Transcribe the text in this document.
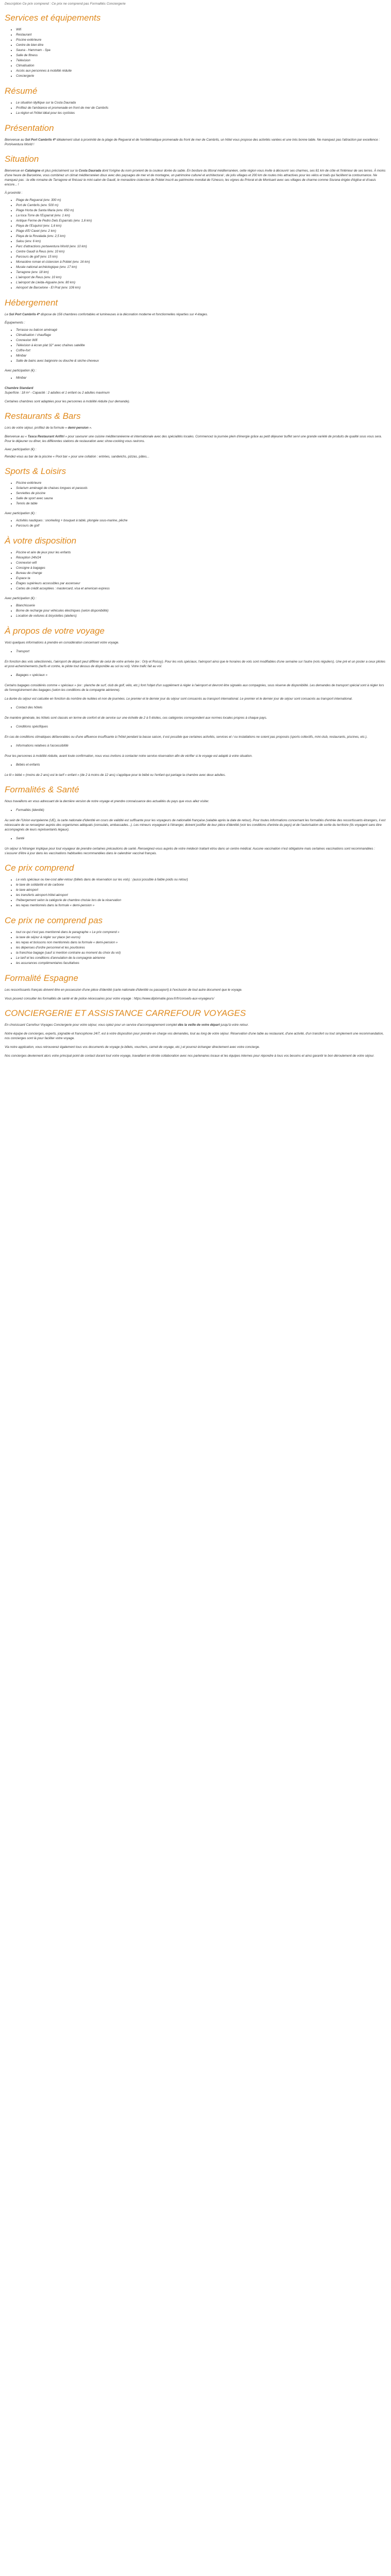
Description Ce prix comprend : Ce prix ne comprend pas Formalités Conciergerie

Services et équipements
• Wifi
• Restaurant
• Piscine extérieure
• Centre de bien-être
• Sauna - Hammam - Spa
• Salle de fitness
• Télévision
• Climatisation
• Accès aux personnes à mobilité réduite
• Conciergerie
Résumé
• Le situation idyllique sur la Costa Daurada
• Profitez de l'ambiance et promenade en front de mer de Cambrils
• La région et l'hôtel idéal pour les cyclistes
Présentation

Bienvenue au Sol Port Cambrils 4* idéalement situé à proximité de la plage de Regueral et de l'emblématique promenade du front de mer de Cambrils, un hôtel vous propose des activités variées et une trés bonne table. Ne manquez pas l'attraction par excellence : PortAventura World !

Situation

Bienvenue en Catalogne et plus précisément sur la Costa Daurada dont l'origine du nom provient de la couleur dorée du sable. En bordure du littoral méditerranéen, cette région vous invite à découvrir ses charmes, ses 81 km de côte et l'intérieur de ses terres. À moins d'une heure de Barcelone, vous combinez un climat méditerranéen doux avec des paysages de mer et de montagne, un patrimoine culturel et architectural ; de jolis villages et 200 km de routes très attractives pour les vélos et trails qui facilitent la contournance. Ne manquez pas : la ville romaine de Tarragone et finissez le mini-salon de Gaudí, le monastère cistercien de Poblet inscrit au patrimoine mondial de l'Unesco, les vignes du Priorat et de Montsant avec ses villages de charme comme Siurana érigée d'église et d'oasis encore... !

À proximité :

• Plage de Regueral (env. 300 m)
• Port de Cambrils (env. 500 m)
• Plage Horta de Santa Maria (env. 650 m)
• La Ioca Torre de l'Esparrat (env. 1 km)
• Antique Ferme de Pedro Dels Esparrats (env. 1,6 km)
• Playa de l'Esquirol (env. 1,6 km)
• Plage d'El Cavet (env. 2 km)
• Playa de la Rovalada (env. 2,5 km)
• Salou (env. 6 km)
• Parc d'attractions portaventura World (env. 10 km)
• Centre Gaudí à Reus (env. 10 km)
• Parcours de golf (env. 15 km)
• Monastère roman et cistercien à Poblet (env. 16 km)
• Musée national archéologique (env. 17 km)
• Tarragone (env. 18 km)
• L'aéroport de Reus (env. 10 km)
• L'aéroport de Lleida-Alguaire (env. 80 km)
• Aéroport de Barcelone - El Prat (env. 106 km)
Hébergement

Le Sol Port Cambrils 4* dispose de 156 chambres confortables et lumineuses à la décoration moderne et fonctionnelles réparties sur 4 étages.

Équipements :

• Terrasse ou balcon aménagé
• Climatisation / chauffage
• Connexion Wifi
• Télévision à écran plat 32" avec chaînes satellite
• Coffre-fort
• Minibar
• Salle de bains avec baignoire ou douche & sèche-cheveux

Avec participation (€) :

• Minibar

Chambre Standard
Superficie : 18 m² - Capacité : 2 adultes et 1 enfant ou 2 adultes maximum

Certaines chambres sont adaptées pour les personnes à mobilité réduite (sur demande).

Restaurants & Bars

Lors de votre séjour, profitez de la formule « demi-pension ».

Bienvenue au « Tasca Restaurant Anfitri » pour savourer une cuisine méditerranéenne et internationale avec des spécialités locales. Commencez la journée plein d'énergie grâce au petit déjeuner buffet servi une grande variété de produits de qualité sous vous sera. Pour le déjeuner ou dîner, les différentes stations de restauration avec show-cooking vous ravirons.

Avec participation (€) :

Rendez-vous au bar de la piscine « Pool bar » pour une collation : entrées, sandwichs, pizzas, pâtes...

Sports & Loisirs
• Piscine extérieure
• Solarium aménagé de chaises longues et parasols
• Serviettes de piscine
• Salle de sport avec sauna
• Tennis de table

Avec participation (€) :

• Activités nautiques : snorkeling + bouquet à tablé, plongée sous-marine, pêche
• Parcours de golf
À votre disposition
• Piscine et aire de jeux pour les enfants
• Réception 24h/24
• Connexion wifi
• Consigne à bagages
• Bureau de change
• Espace ta
• Étages supérieurs accessibles par ascenseur
• Cartes de crédit acceptées : mastercard, visa et american express

Avec participation (€) :

• Blanchisserie
• Borne de recharge pour véhicules électriques (selon disponibilité)
• Location de voitures & bicyclettes (ateliers)
À propos de votre voyage

Voici quelques informations à prendre en considération concernant votre voyage.

• Transport

En fonction des vols sélectionnés, l'aéroport de départ peut différer de celui de votre arrivée (ex : Orly et Roissy). Pour les vols spéciaux, l'aéroport ainsi que le horaires de vols sont modifiables d'une semaine sur l'autre (vols réguliers). Une pré et un poster a ceux pilotes et post-acheminements (tarifs et contre, le pilote tout dessus de disponible au sol ou vol). Votre trafic fait au vol.

• Bagages « spéciaux »

Certains bagages considérés comme « spéciaux » (ex : planche de surf, club de golf, vélo, etc.) font l'objet d'un supplément à régler à l'aéroport et devront être signalés aux compagnies, sous réserve de disponibilité. Les demandes de transport spécial sont à régler lors de l'enregistrement des bagages (selon les conditions de la compagnie aérienne).

La durée du séjour est calculée en fonction du nombre de nuitées et non de journées. Le premier et le dernier jour du séjour sont consacrés au transport international. Le premier et le dernier jour de séjour sont consacrés au transport international.

• Contact des hôtels

De manière générale, les hôtels sont classés en terme de confort et de service sur une échelle de 2 à 5 étoiles, ces catégories correspondent aux normes locales propres à chaque pays.

• Conditions spécifiques

En cas de conditions climatiques défavorables ou d'une affluence insuffisante à l'hôtel pendant la basse saison, il est possible que certaines activités, services et / ou installations ne soient pas proposés (sports collectifs, mini-club, restaurants, piscines, etc.).

• Informations relatives à l'accessibilité

Pour les personnes à mobilité réduite, avant toute confirmation, nous vous invitons à contacter notre service réservation afin de vérifier si le voyage est adapté à votre situation.

• Bébés et enfants

Le lit « bébé » (moins de 2 ans) est le tarif « enfant » (de 2 à moins de 12 ans) s'applique pour le bébé ou l'enfant qui partage la chambre avec deux adultes.

Formalités & Santé

Nous travaillons en vous adressant de la dernière version de notre voyage et prendre connaissance des actualités du pays que vous allez visiter.

• Formalités (identité)

Au sein de l'Union européenne (UE), la carte nationale d'identité en cours de validité est suffisante pour les voyageurs de nationalité française (valable après la date de retour). Pour toutes informations concernant les formalités d'entrée des ressortissants étrangers, il est nécessaire de se renseigner auprès des organismes adéquats (consulats, ambassades...). Les mineurs voyageant à l'étranger, doivent justifier de leur pièce d'identité (voir les conditions d'entrée du pays) et de l'autorisation de sortie du territoire (Ils voyagent sans être accompagnés de leurs représentants légaux).

• Santé

Un séjour à l'étranger implique pour tout voyageur de prendre certaines précautions de santé. Renseignez-vous auprès de votre médecin traitant et/ou dans un centre médical. Aucune vaccination n'est obligatoire mais certaines vaccinations sont recommandées : s'assurer d'être à jour dans les vaccinations habituelles recommandées dans le calendrier vaccinal français.

Ce prix comprend
• Le vols spéciaux ou low-cost aller-retour (billets dans de réservation sur les vols) : (aussi possible à faible poids ou retour)
• le taxe de solidarité et de carbone
• le taxe aéroport
• les transferts aéroport-hôtel-aéroport
• l'hébergement selon la catégorie de chambre choisie lors de la réservation
• les repas mentionnés dans la formule « demi-pension »
Ce prix ne comprend pas
• tout ce qui n'est pas mentionné dans le paragraphe « Le prix comprend »
• la taxe de séjour à régler sur place (en euros)
• les repas et boissons non mentionnés dans la formule « demi-pension »
• les dépenses d'ordre personnel et les pourboires
• la franchise bagage (sauf si mention contraire au moment du choix du vol)
• Le tarif et les conditions d'annulation de la compagnie aérienne
• les assurances complémentaires facultatives
Formalité Espagne

Les ressortissants français doivent être en possession d'une pièce d'identité (carte nationale d'identité ou passeport) à l'exclusion de tout autre document que le voyage.

Vous pouvez consulter les formalités de santé et de police nécessaires pour votre voyage : https://www.diplomatie.gouv.fr/fr/conseils-aux-voyageurs/

CONCIERGERIE ET ASSISTANCE CARREFOUR VOYAGES

En choisissant Carrefour Voyages Conciergerie pour votre séjour, vous optez pour un service d'accompagnement complet dès la veille de votre départ jusqu'à votre retour.

Notre équipe de concierges, experts, joignable et francophone 24/7, est à votre disposition pour prendre en charge vos demandes, tout au long de votre séjour. Réservation d'une table au restaurant, d'une activité, d'un transfert ou tout simplement une recommandation, nos concierges sont là pour faciliter votre voyage.

Via notre application, vous retrouverez également tous vos documents de voyage (e-billets, vouchers, carnet de voyage, etc.) et pourrez échanger directement avec votre concierge.

Nos concierges deviennent alors votre principal point de contact durant tout votre voyage, travaillant en étroite collaboration avec nos partenaires locaux et les équipes internes pour répondre à tous vos besoins et ainsi garantir le bon déroulement de votre séjour.
